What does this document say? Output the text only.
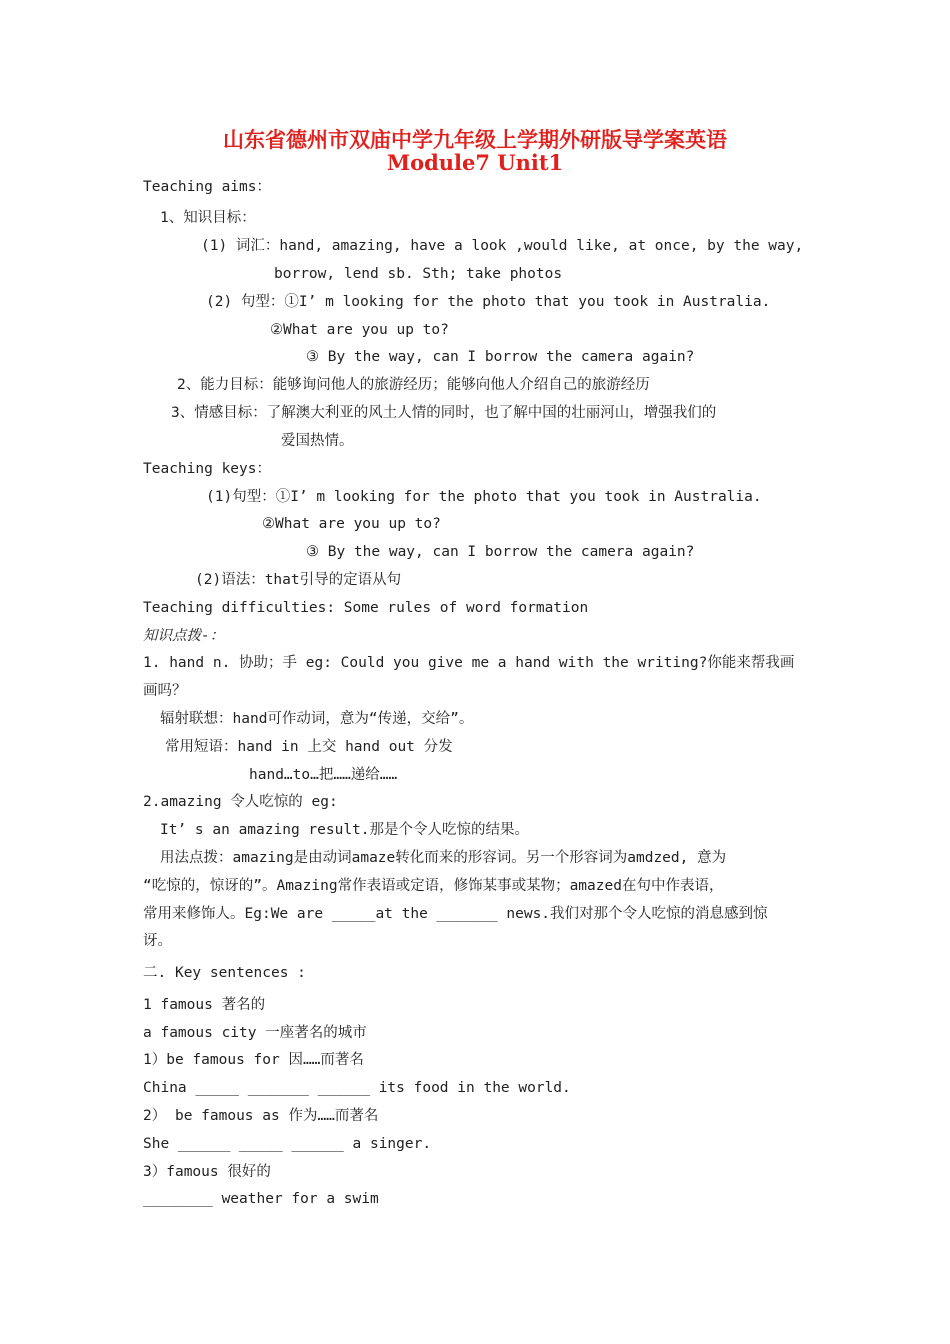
山东省德州市双庙中学九年级上学期外研版导学案英语
Module7 Unit1
Teaching aims：
1、知识目标：
(1) 词汇：hand, amazing, have a look ,would like, at once, by the way,
borrow, lend sb. Sth; take photos
(2) 句型：①I’ m looking for the photo that you took in Australia.
②What are you up to?
③ By the way, can I borrow the camera again?
2、能力目标：能够询问他人的旅游经历；能够向他人介绍自己的旅游经历
3、情感目标：了解澳大利亚的风土人情的同时，也了解中国的壮丽河山，增强我们的
爱国热情。
Teaching keys：
(1)句型：①I’ m looking for the photo that you took in Australia.
②What are you up to?
③ By the way, can I borrow the camera again?
(2)语法：that引导的定语从句
Teaching difficulties: Some rules of word formation
知识点拨-：
1. hand n. 协助；手 eg: Could you give me a hand with the writing?你能来帮我画
画吗？
辐射联想：hand可作动词，意为“传递，交给”。
常用短语：hand in 上交 hand out 分发
hand…to…把……递给……
2.amazing 令人吃惊的 eg:
It’ s an amazing result.那是个令人吃惊的结果。
用法点拨：amazing是由动词amaze转化而来的形容词。另一个形容词为amdzed, 意为
“吃惊的，惊讶的”。Amazing常作表语或定语，修饰某事或某物；amazed在句中作表语，
常用来修饰人。Eg:We are _____at the _______ news.我们对那个令人吃惊的消息感到惊
讶。
二. Key sentences :
1 famous 著名的
a famous city 一座著名的城市
1）be famous for 因……而著名
China _____ _______ ______ its food in the world.
2） be famous as 作为……而著名
She ______ _____ ______ a singer.
3）famous 很好的
________ weather for a swim
